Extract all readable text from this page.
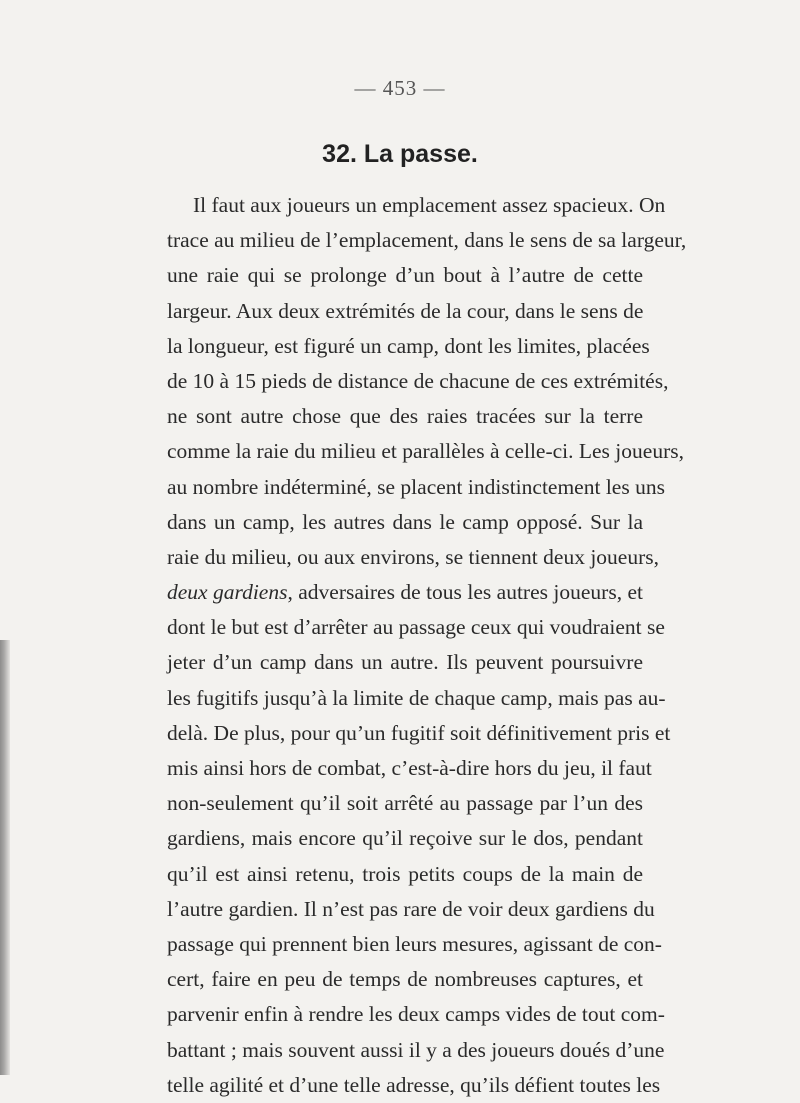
— 453 —
32. La passe.
Il faut aux joueurs un emplacement assez spacieux. On
trace au milieu de l’emplacement, dans le sens de sa largeur,
une raie qui se prolonge d’un bout à l’autre de cette
largeur. Aux deux extrémités de la cour, dans le sens de
la longueur, est figuré un camp, dont les limites, placées
de 10 à 15 pieds de distance de chacune de ces extrémités,
ne sont autre chose que des raies tracées sur la terre
comme la raie du milieu et parallèles à celle-ci. Les joueurs,
au nombre indéterminé, se placent indistinctement les uns
dans un camp, les autres dans le camp opposé. Sur la
raie du milieu, ou aux environs, se tiennent deux joueurs,
deux gardiens, adversaires de tous les autres joueurs, et
dont le but est d’arrêter au passage ceux qui voudraient se
jeter d’un camp dans un autre. Ils peuvent poursuivre
les fugitifs jusqu’à la limite de chaque camp, mais pas au-
delà. De plus, pour qu’un fugitif soit définitivement pris et
mis ainsi hors de combat, c’est-à-dire hors du jeu, il faut
non-seulement qu’il soit arrêté au passage par l’un des
gardiens, mais encore qu’il reçoive sur le dos, pendant
qu’il est ainsi retenu, trois petits coups de la main de
l’autre gardien. Il n’est pas rare de voir deux gardiens du
passage qui prennent bien leurs mesures, agissant de con-
cert, faire en peu de temps de nombreuses captures, et
parvenir enfin à rendre les deux camps vides de tout com-
battant ; mais souvent aussi il y a des joueurs doués d’une
telle agilité et d’une telle adresse, qu’ils défient toutes les
